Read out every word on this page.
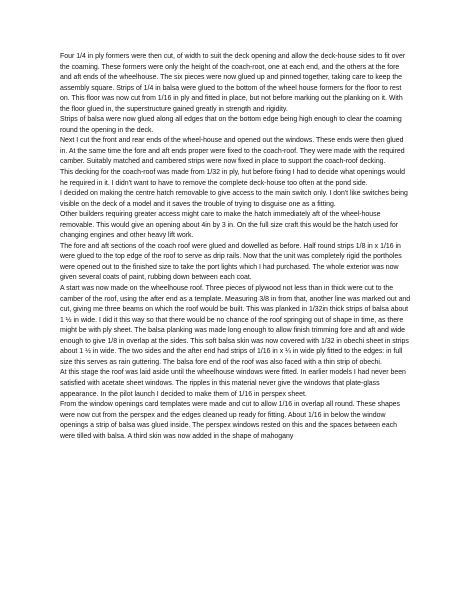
Four 1/4 in ply formers were then cut, of width to suit the deck opening and allow the deck-house sides to fit over the coaming. These formers were only the height of the coach-root, one at each end, and the others at the fore and aft ends of the wheelhouse. The six pieces were now glued up and pinned together, taking care to keep the assembly square. Strips of 1/4 in balsa were glued to the bottom of the wheel house formers for the floor to rest on. This floor was now cut from 1/16 in ply and fitted in place, but not before marking out the planking on it. With the floor glued in, the superstructure gained greatly in strength and rigidity.

Strips of balsa were now glued along all edges that on the bottom edge being high enough to clear the coaming round the opening in the deck.

Next I cut the front and rear ends of the wheel-house and opened out the windows. These ends were then glued in. At the same time the fore and aft ends proper were fixed to the coach-roof. They were made with the required camber. Suitably matched and cambered strips were now fixed in place to support the coach-roof decking.

This decking for the coach-roof was made from 1/32 in ply, hut before fixing I had to decide what openings would he required in it. I didn't want to have to remove the complete deck-house too often at the pond side.

I decided on making the centre hatch removable to give access to the main switch only. I don't like switches being visible on the deck of a model and it saves the trouble of trying to disguise one as a fitting.

Other builders requiring greater access might care to make the hatch immediately aft of the wheel-house removable. This would give an opening about 4in by 3 in. On the full size craft this would be the hatch used for changing engines and other heavy lift work.

The fore and aft sections of the coach roof were glued and dowelled as before. Half round strips 1/8 in x 1/16 in were glued to the top edge of the roof to serve as drip rails. Now that the unit was completely rigid the portholes were opened out to the finished size to take the port lights which I had purchased. The whole exterior was now given several coats of paint, rubbing down between each coat.

A start was now made on the wheelhouse roof. Three pieces of plywood not less than in thick were cut to the camber of the roof, using the after end as a template. Measuring 3/8 in from that, another line was marked out and cut, giving me three beams on which the roof would be built. This was planked in 1/32in thick strips of balsa about 1 ½ in wide. I did it this way so that there would be no chance of the roof springing out of shape in time, as there might be with ply sheet. The balsa planking was made long enough to allow finish trimming fore and aft and wide enough to give 1/8 in overlap at the sides. This soft balsa skin was now covered with 1/32 in obechi sheet in strips about 1 ½ in wide. The two sides and the after end had strips of 1/16 in x ¼ in wide ply fitted to the edges: in full size this serves as rain guttering. The balsa fore end of the roof was also faced with a thin strip of obechi.

At this stage the roof was laid aside until the wheelhouse windows were fitted. In earlier models I had never been satisfied with acetate sheet windows. The ripples in this material never give the windows that plate-glass appearance. In the pilot launch I decided to make them of 1/16 in perspex sheet.

From the window openings card templates were made and cut to allow 1/16 in overlap all round. These shapes were now cut from the perspex and the edges cleaned up ready for fitting. About 1/16 in below the window openings a strip of balsa was glued inside. The perspex windows rested on this and the spaces between each were tilled with balsa. A third skin was now added in the shape of mahogany
